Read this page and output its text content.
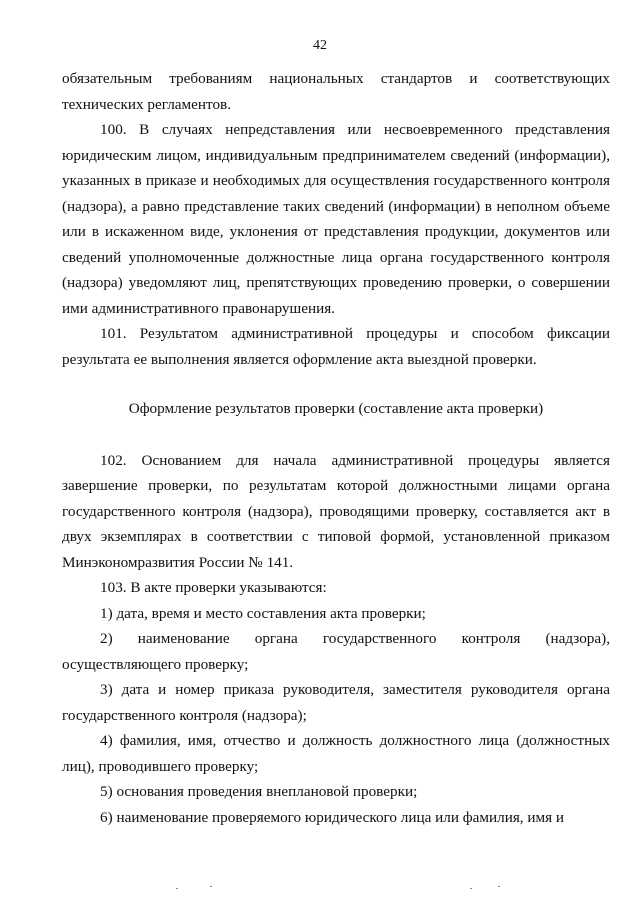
42

обязательным требованиям национальных стандартов и соответствующих технических регламентов.

100. В случаях непредставления или несвоевременного представления юридическим лицом, индивидуальным предпринимателем сведений (информации), указанных в приказе и необходимых для осуществления государственного контроля (надзора), а равно представление таких сведений (информации) в неполном объеме или в искаженном виде, уклонения от представления продукции, документов или сведений уполномоченные должностные лица органа государственного контроля (надзора) уведомляют лиц, препятствующих проведению проверки, о совершении ими административного правонарушения.

101. Результатом административной процедуры и способом фиксации результата ее выполнения является оформление акта выездной проверки.

Оформление результатов проверки (составление акта проверки)

102. Основанием для начала административной процедуры является завершение проверки, по результатам которой должностными лицами органа государственного контроля (надзора), проводящими проверку, составляется акт в двух экземплярах в соответствии с типовой формой, установленной приказом Минэкономразвития России № 141.

103. В акте проверки указываются:

1) дата, время и место составления акта проверки;

2) наименование органа государственного контроля (надзора), осуществляющего проверку;

3) дата и номер приказа руководителя, заместителя руководителя органа государственного контроля (надзора);

4) фамилия, имя, отчество и должность должностного лица (должностных лиц), проводившего проверку;

5) основания проведения внеплановой проверки;

6) наименование проверяемого юридического лица или фамилия, имя и
